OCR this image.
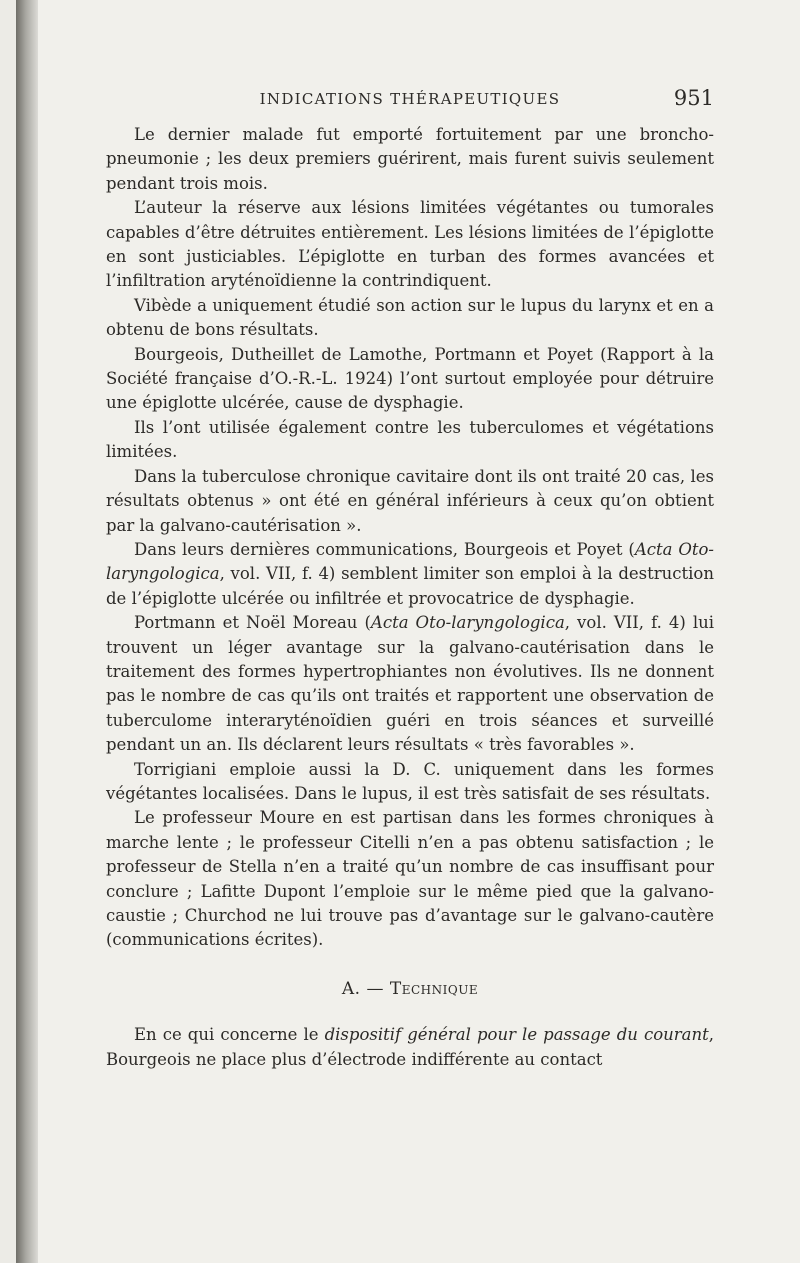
INDICATIONS THÉRAPEUTIQUES	951

Le dernier malade fut emporté fortuitement par une broncho-pneumonie ; les deux premiers guérirent, mais furent suivis seulement pendant trois mois.

L’auteur la réserve aux lésions limitées végétantes ou tumorales capables d’être détruites entièrement. Les lésions limitées de l’épiglotte en sont justiciables. L’épiglotte en turban des formes avancées et l’infiltration aryténoïdienne la contrindiquent.

Vibède a uniquement étudié son action sur le lupus du larynx et en a obtenu de bons résultats.

Bourgeois, Dutheillet de Lamothe, Portmann et Poyet (Rapport à la Société française d’O.-R.-L. 1924) l’ont surtout employée pour détruire une épiglotte ulcérée, cause de dysphagie.

Ils l’ont utilisée également contre les tuberculomes et végétations limitées.

Dans la tuberculose chronique cavitaire dont ils ont traité 20 cas, les résultats obtenus » ont été en général inférieurs à ceux qu’on obtient par la galvano-cautérisation ».

Dans leurs dernières communications, Bourgeois et Poyet (Acta Oto-laryngologica, vol. VII, f. 4) semblent limiter son emploi à la destruction de l’épiglotte ulcérée ou infiltrée et provocatrice de dysphagie.

Portmann et Noël Moreau (Acta Oto-laryngologica, vol. VII, f. 4) lui trouvent un léger avantage sur la galvano-cautérisation dans le traitement des formes hypertrophiantes non évolutives. Ils ne donnent pas le nombre de cas qu’ils ont traités et rapportent une observation de tuberculome interaryténoïdien guéri en trois séances et surveillé pendant un an. Ils déclarent leurs résultats « très favorables ».

Torrigiani emploie aussi la D. C. uniquement dans les formes végétantes localisées. Dans le lupus, il est très satisfait de ses résultats.

Le professeur Moure en est partisan dans les formes chroniques à marche lente ; le professeur Citelli n’en a pas obtenu satisfaction ; le professeur de Stella n’en a traité qu’un nombre de cas insuffisant pour conclure ; Lafitte Dupont l’emploie sur le même pied que la galvano-caustie ; Churchod ne lui trouve pas d’avantage sur le galvano-cautère (communications écrites).

A. — Technique

En ce qui concerne le dispositif général pour le passage du courant, Bourgeois ne place plus d’électrode indifférente au contact
